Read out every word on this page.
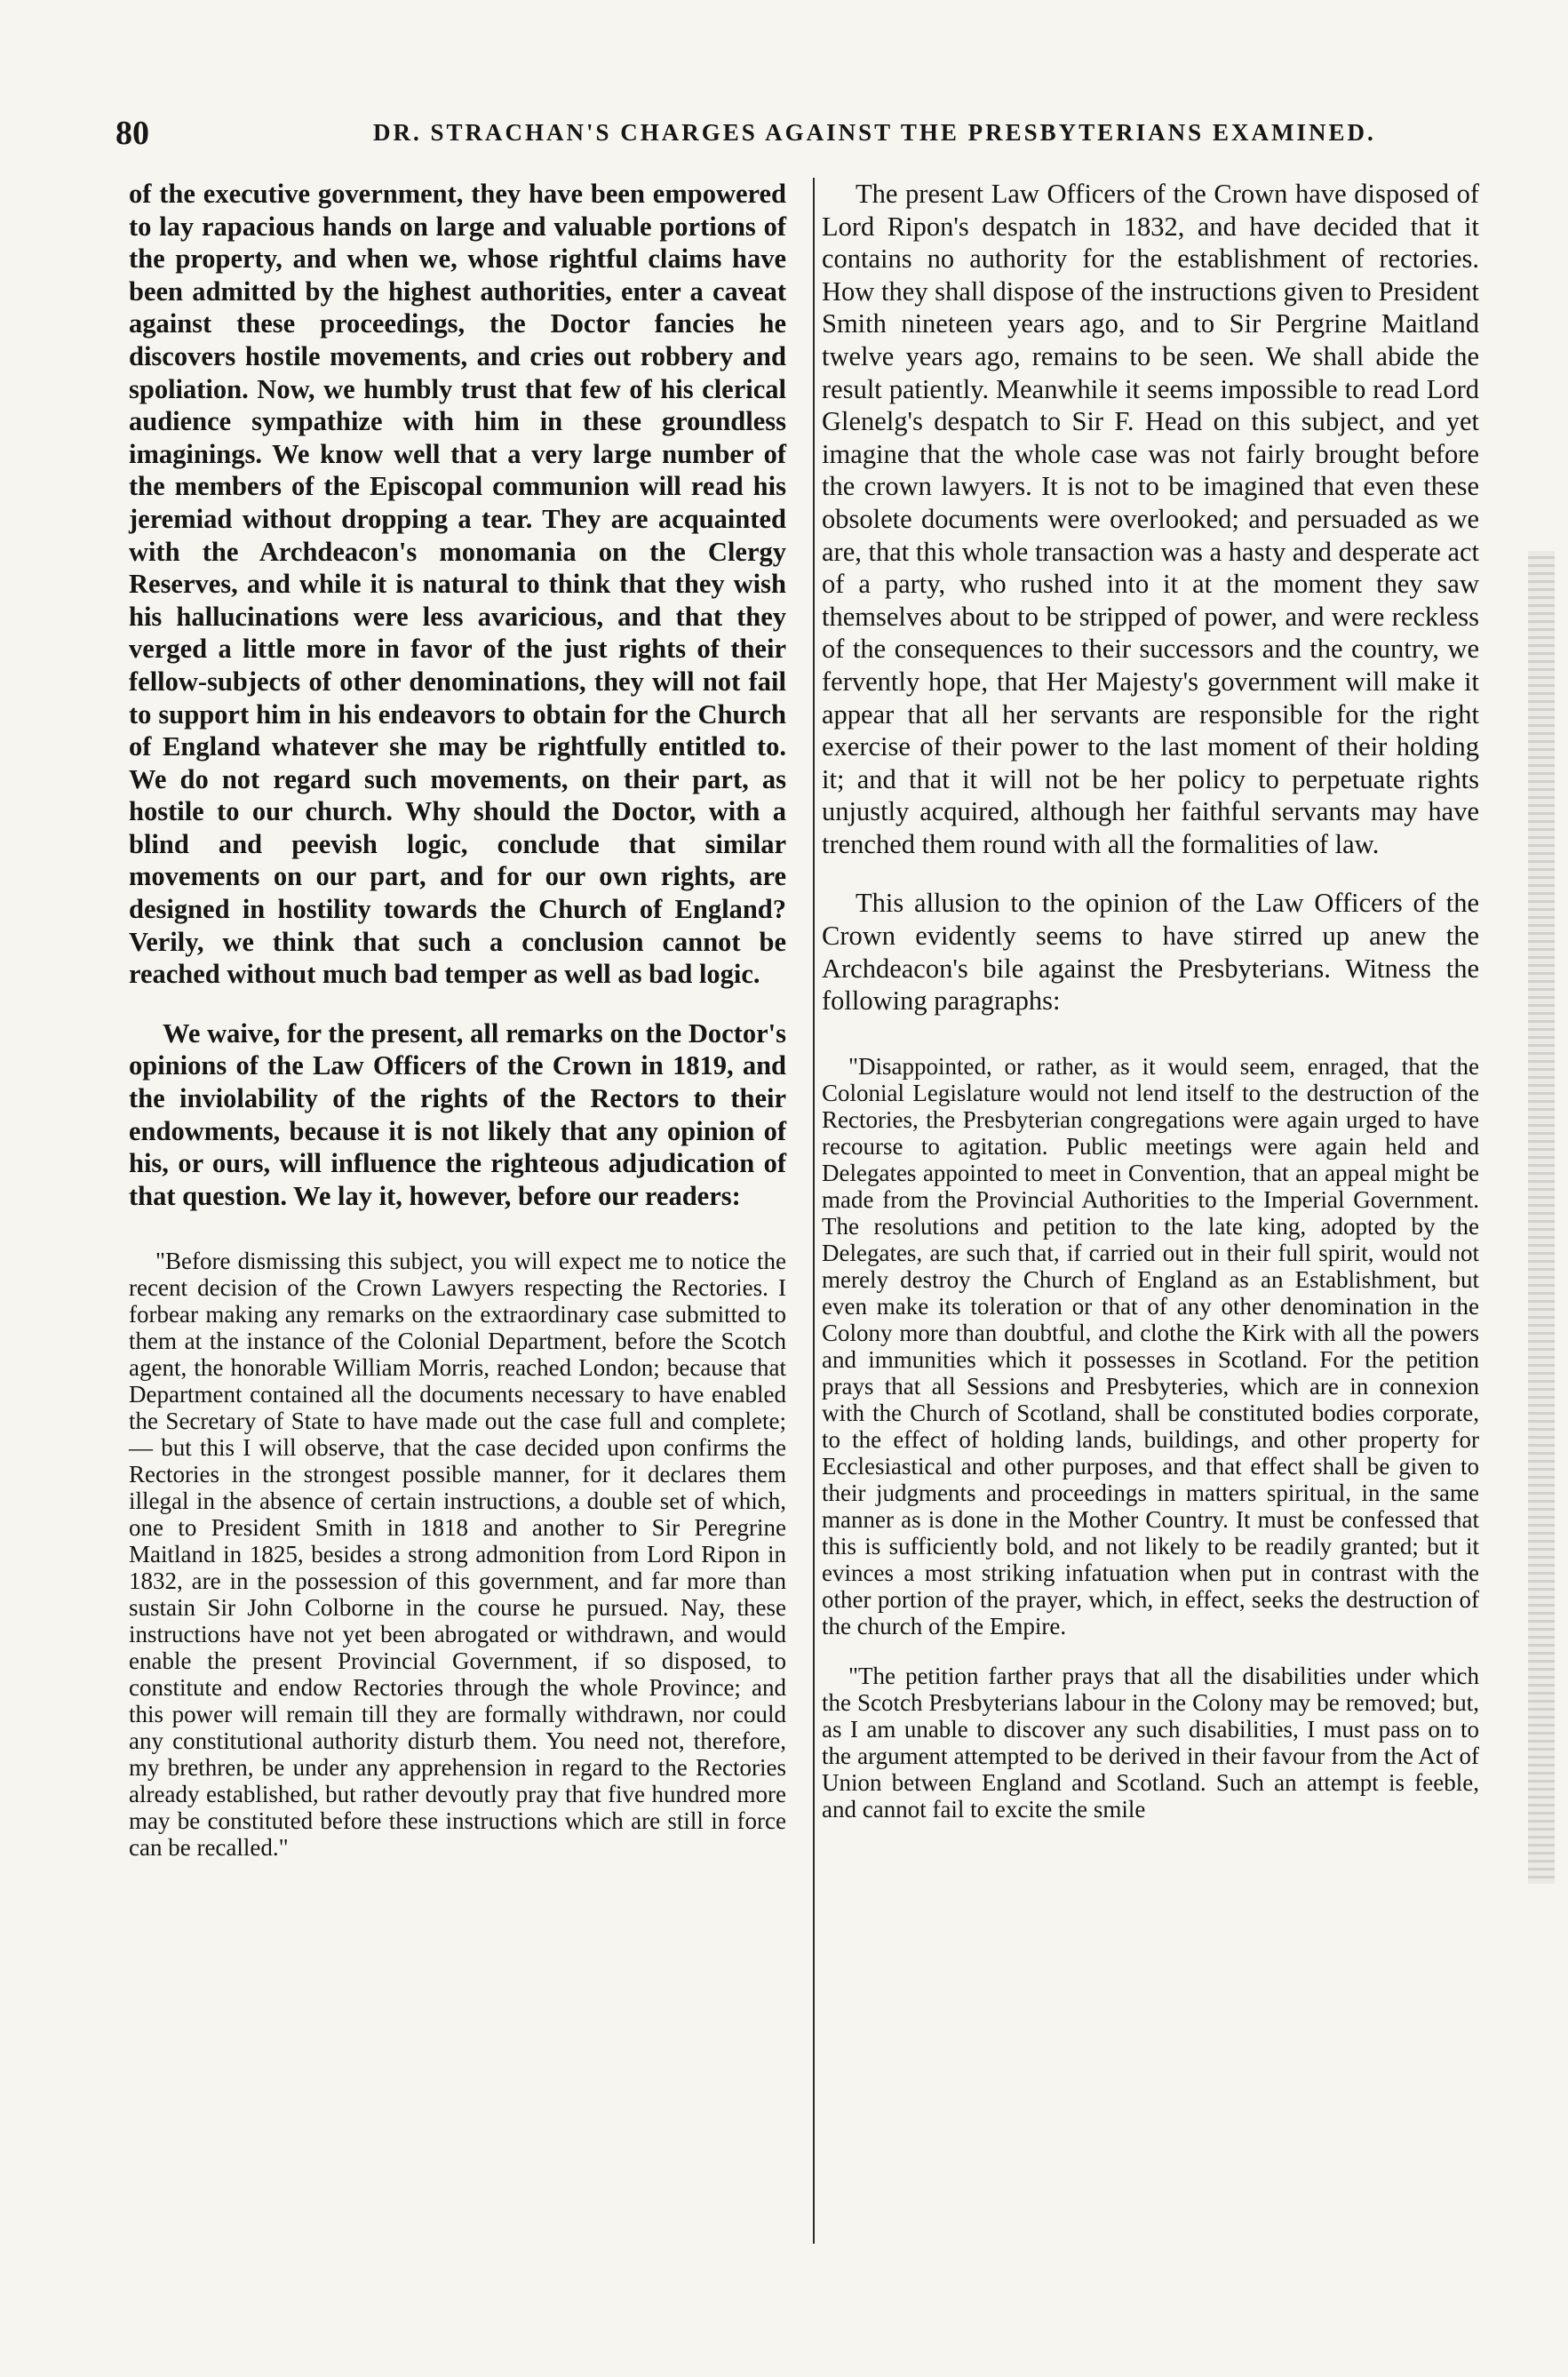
80	DR. STRACHAN'S CHARGES AGAINST THE PRESBYTERIANS EXAMINED.

of the executive government, they have been empowered to lay rapacious hands on large and valuable portions of the property, and when we, whose rightful claims have been admitted by the highest authorities, enter a caveat against these proceedings, the Doctor fancies he discovers hostile movements, and cries out robbery and spoliation. Now, we humbly trust that few of his clerical audience sympathize with him in these groundless imaginings. We know well that a very large number of the members of the Episcopal communion will read his jeremiad without dropping a tear. They are acquainted with the Archdeacon's monomania on the Clergy Reserves, and while it is natural to think that they wish his hallucinations were less avaricious, and that they verged a little more in favor of the just rights of their fellow-subjects of other denominations, they will not fail to support him in his endeavors to obtain for the Church of England whatever she may be rightfully entitled to. We do not regard such movements, on their part, as hostile to our church. Why should the Doctor, with a blind and peevish logic, conclude that similar movements on our part, and for our own rights, are designed in hostility towards the Church of England? Verily, we think that such a conclusion cannot be reached without much bad temper as well as bad logic.

We waive, for the present, all remarks on the Doctor's opinions of the Law Officers of the Crown in 1819, and the inviolability of the rights of the Rectors to their endowments, because it is not likely that any opinion of his, or ours, will influence the righteous adjudication of that question. We lay it, however, before our readers:

"Before dismissing this subject, you will expect me to notice the recent decision of the Crown Lawyers respecting the Rectories. I forbear making any remarks on the extraordinary case submitted to them at the instance of the Colonial Department, before the Scotch agent, the honorable William Morris, reached London; because that Department contained all the documents necessary to have enabled the Secretary of State to have made out the case full and complete;— but this I will observe, that the case decided upon confirms the Rectories in the strongest possible manner, for it declares them illegal in the absence of certain instructions, a double set of which, one to President Smith in 1818 and another to Sir Peregrine Maitland in 1825, besides a strong admonition from Lord Ripon in 1832, are in the possession of this government, and far more than sustain Sir John Colborne in the course he pursued. Nay, these instructions have not yet been abrogated or withdrawn, and would enable the present Provincial Government, if so disposed, to constitute and endow Rectories through the whole Province; and this power will remain till they are formally withdrawn, nor could any constitutional authority disturb them. You need not, therefore, my brethren, be under any apprehension in regard to the Rectories already established, but rather devoutly pray that five hundred more may be constituted before these instructions which are still in force can be recalled."

The present Law Officers of the Crown have disposed of Lord Ripon's despatch in 1832, and have decided that it contains no authority for the establishment of rectories. How they shall dispose of the instructions given to President Smith nineteen years ago, and to Sir Pergrine Maitland twelve years ago, remains to be seen. We shall abide the result patiently. Meanwhile it seems impossible to read Lord Glenelg's despatch to Sir F. Head on this subject, and yet imagine that the whole case was not fairly brought before the crown lawyers. It is not to be imagined that even these obsolete documents were overlooked; and persuaded as we are, that this whole transaction was a hasty and desperate act of a party, who rushed into it at the moment they saw themselves about to be stripped of power, and were reckless of the consequences to their successors and the country, we fervently hope, that Her Majesty's government will make it appear that all her servants are responsible for the right exercise of their power to the last moment of their holding it; and that it will not be her policy to perpetuate rights unjustly acquired, although her faithful servants may have trenched them round with all the formalities of law.

This allusion to the opinion of the Law Officers of the Crown evidently seems to have stirred up anew the Archdeacon's bile against the Presbyterians. Witness the following paragraphs:

"Disappointed, or rather, as it would seem, enraged, that the Colonial Legislature would not lend itself to the destruction of the Rectories, the Presbyterian congregations were again urged to have recourse to agitation. Public meetings were again held and Delegates appointed to meet in Convention, that an appeal might be made from the Provincial Authorities to the Imperial Government. The resolutions and petition to the late king, adopted by the Delegates, are such that, if carried out in their full spirit, would not merely destroy the Church of England as an Establishment, but even make its toleration or that of any other denomination in the Colony more than doubtful, and clothe the Kirk with all the powers and immunities which it possesses in Scotland. For the petition prays that all Sessions and Presbyteries, which are in connexion with the Church of Scotland, shall be constituted bodies corporate, to the effect of holding lands, buildings, and other property for Ecclesiastical and other purposes, and that effect shall be given to their judgments and proceedings in matters spiritual, in the same manner as is done in the Mother Country. It must be confessed that this is sufficiently bold, and not likely to be readily granted; but it evinces a most striking infatuation when put in contrast with the other portion of the prayer, which, in effect, seeks the destruction of the church of the Empire.

"The petition farther prays that all the disabilities under which the Scotch Presbyterians labour in the Colony may be removed; but, as I am unable to discover any such disabilities, I must pass on to the argument attempted to be derived in their favour from the Act of Union between England and Scotland. Such an attempt is feeble, and cannot fail to excite the smile
